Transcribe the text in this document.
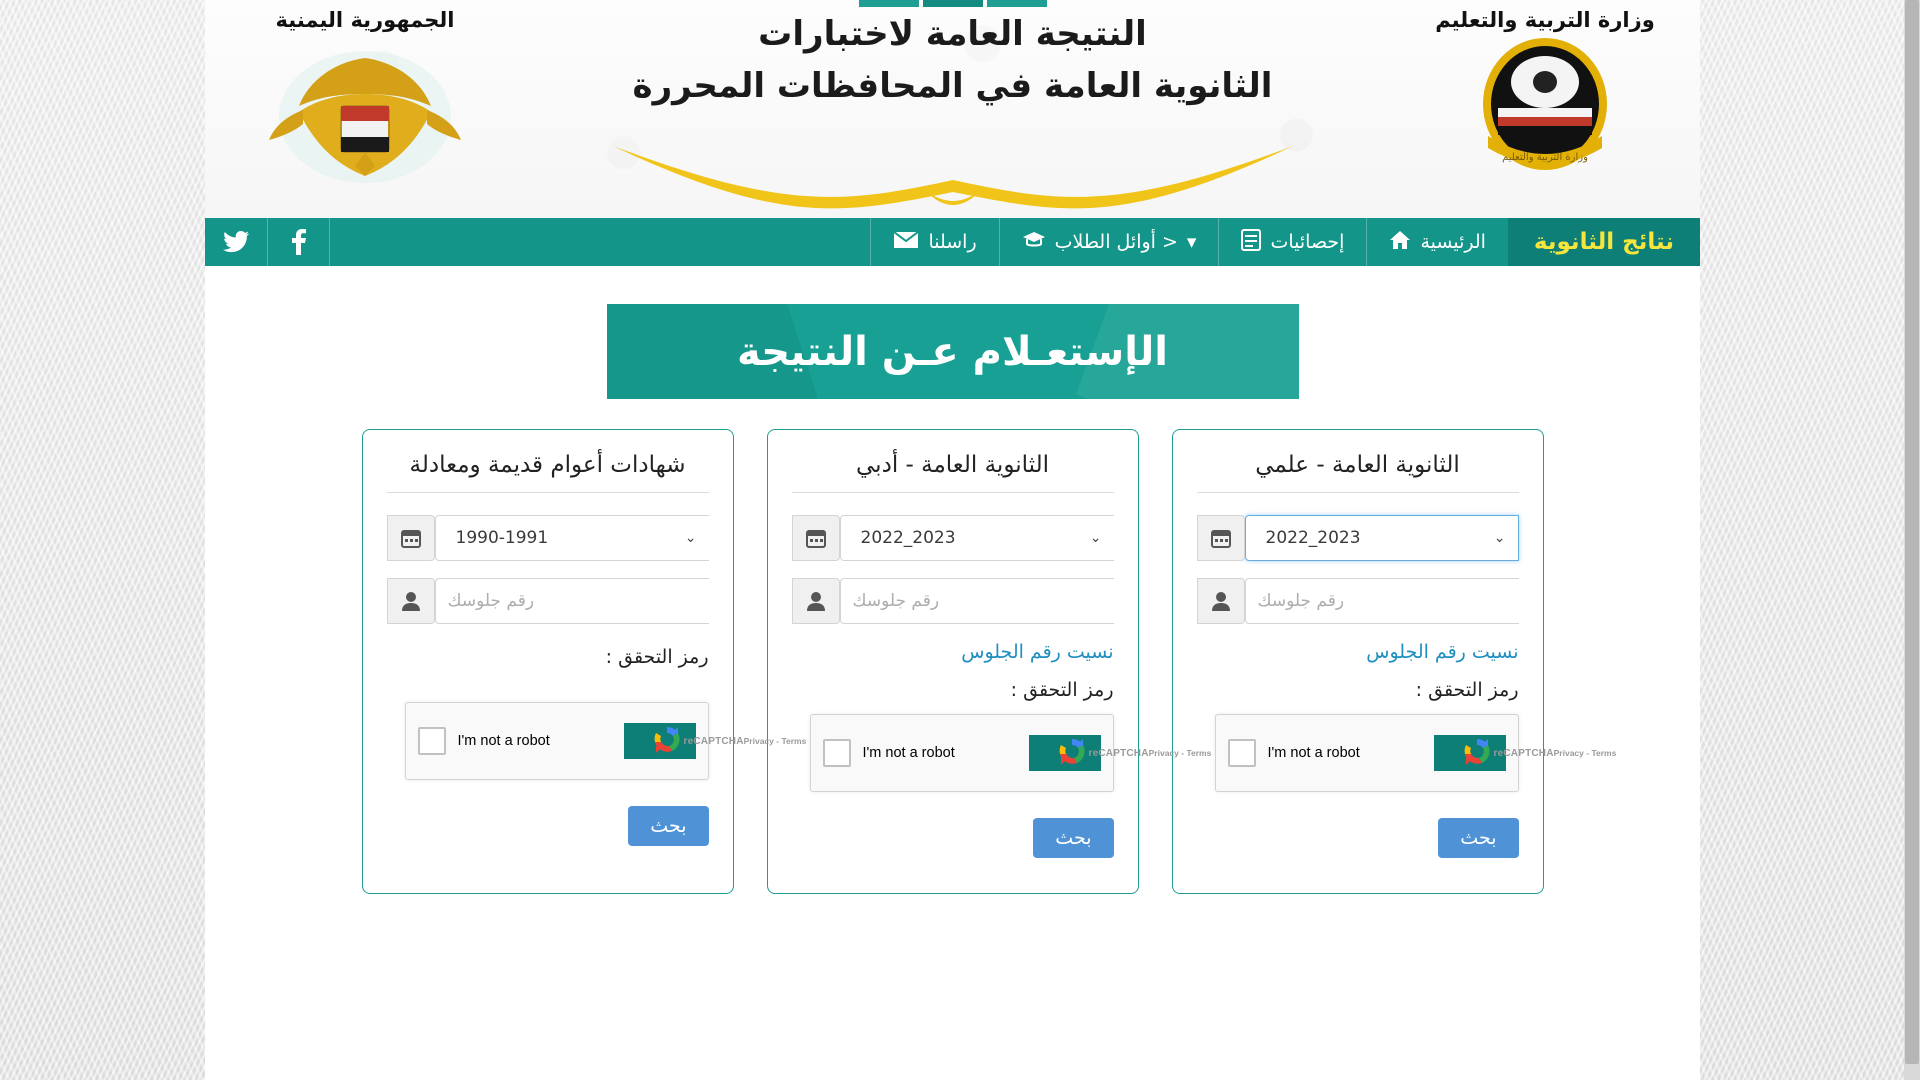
النتيجة العامة لاختبارات
الثانوية العامة في المحافظات المحررة
وزارة التربية والتعليم
وزارة التربية والتعليم
الجمهورية اليمنية
نتائج الثانوية
الرئيسية
إحصائيات
▾
< أوائل الطلاب
راسلنا
الإستعـلام عـن النتيجة
الثانوية العامة - علمي
⌄
2023_2022
رقم جلوسك
نسيت رقم الجلوس
رمز التحقق :
I'm not a robot	reCAPTCHA Privacy - Terms
بحث
الثانوية العامة - أدبي
⌄
2023_2022
رقم جلوسك
نسيت رقم الجلوس
رمز التحقق :
I'm not a robot	reCAPTCHA Privacy - Terms
بحث
شهادات أعوام قديمة ومعادلة
⌄
1990-1991
رقم جلوسك
رمز التحقق :
I'm not a robot	reCAPTCHA Privacy - Terms
بحث
